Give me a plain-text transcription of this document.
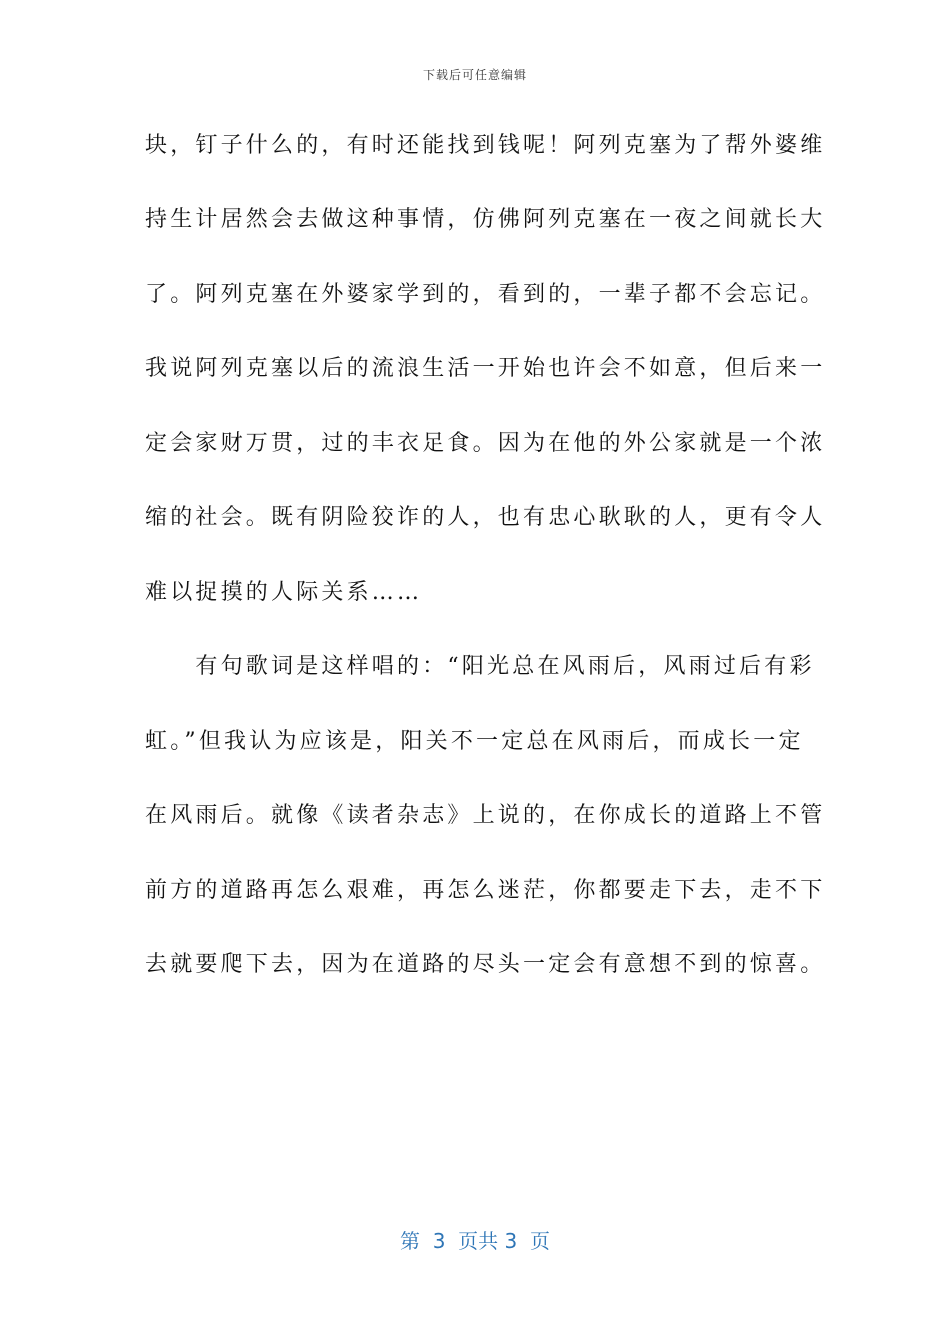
下载后可任意编辑
块，钉子什么的，有时还能找到钱呢！阿列克塞为了帮外婆维
持生计居然会去做这种事情，仿佛阿列克塞在一夜之间就长大
了。阿列克塞在外婆家学到的，看到的，一辈子都不会忘记。
我说阿列克塞以后的流浪生活一开始也许会不如意，但后来一
定会家财万贯，过的丰衣足食。因为在他的外公家就是一个浓
缩的社会。既有阴险狡诈的人，也有忠心耿耿的人，更有令人
难以捉摸的人际关系……
　　有句歌词是这样唱的：“阳光总在风雨后，风雨过后有彩
虹。”但我认为应该是，阳关不一定总在风雨后，而成长一定
在风雨后。就像《读者杂志》上说的，在你成长的道路上不管
前方的道路再怎么艰难，再怎么迷茫，你都要走下去，走不下
去就要爬下去，因为在道路的尽头一定会有意想不到的惊喜。
第  3  页共 3  页
